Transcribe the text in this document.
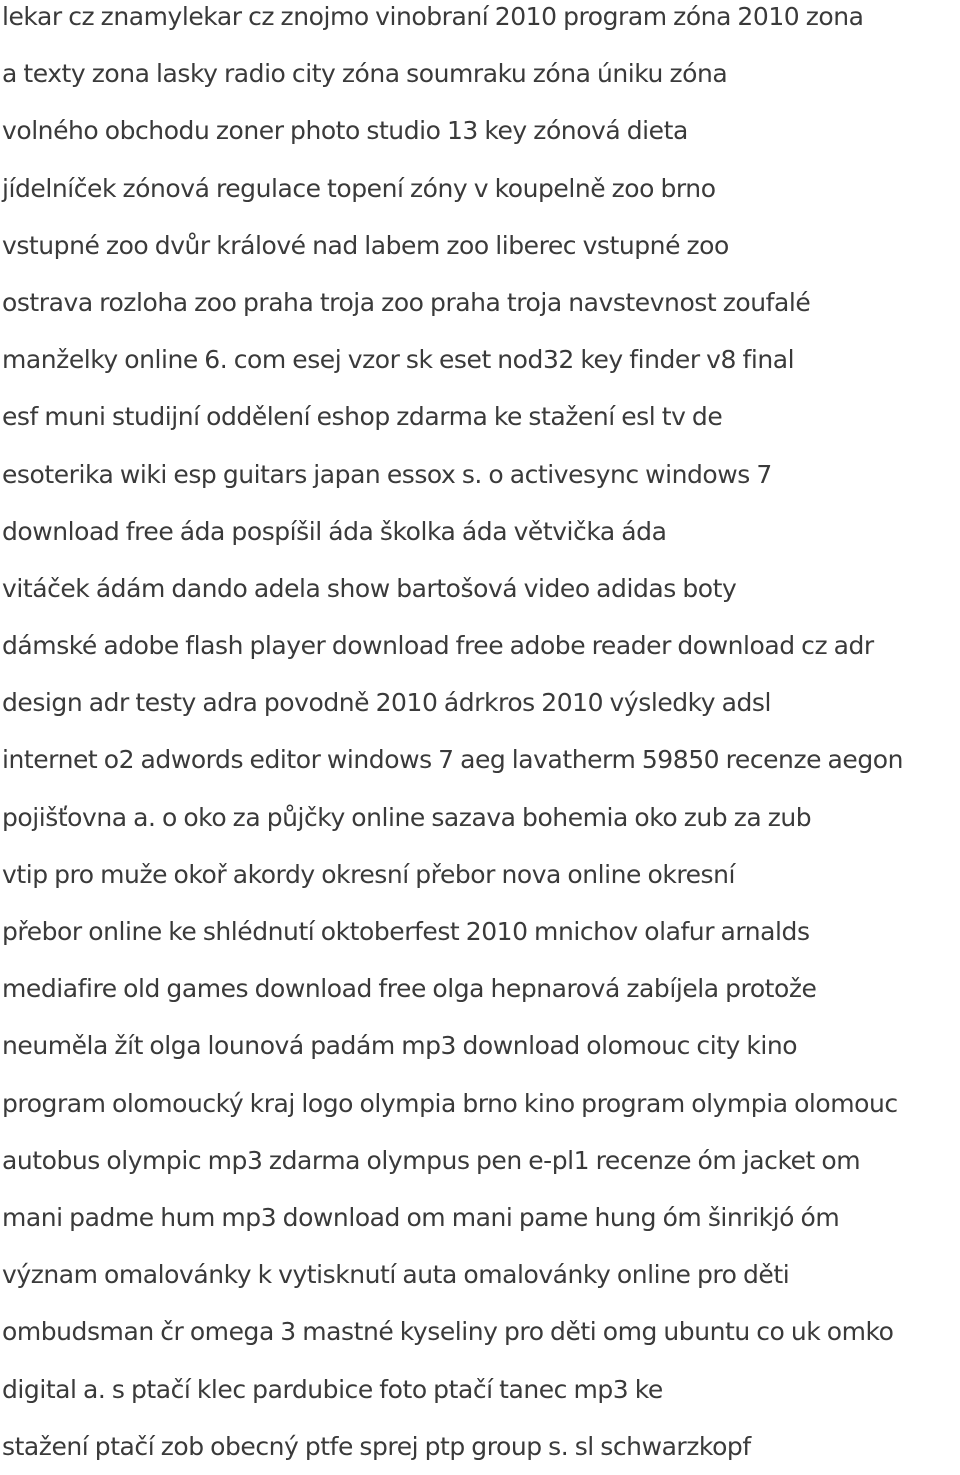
lekar cz znamylekar cz znojmo vinobraní 2010 program zóna 2010 zona
a texty zona lasky radio city zóna soumraku zóna úniku zóna
volného obchodu zoner photo studio 13 key zónová dieta
jídelníček zónová regulace topení zóny v koupelně zoo brno
vstupné zoo dvůr králové nad labem zoo liberec vstupné zoo
ostrava rozloha zoo praha troja zoo praha troja navstevnost zoufalé
manželky online 6. com esej vzor sk eset nod32 key finder v8 final
esf muni studijní oddělení eshop zdarma ke stažení esl tv de
esoterika wiki esp guitars japan essox s. o activesync windows 7
download free áda pospíšil áda školka áda větvička áda
vitáček ádám dando adela show bartošová video adidas boty
dámské adobe flash player download free adobe reader download cz adr
design adr testy adra povodně 2010 ádrkros 2010 výsledky adsl
internet o2 adwords editor windows 7 aeg lavatherm 59850 recenze aegon
pojišťovna a. o oko za půjčky online sazava bohemia oko zub za zub
vtip pro muže okoř akordy okresní přebor nova online okresní
přebor online ke shlédnutí oktoberfest 2010 mnichov olafur arnalds
mediafire old games download free olga hepnarová zabíjela protože
neuměla žít olga lounová padám mp3 download olomouc city kino
program olomoucký kraj logo olympia brno kino program olympia olomouc
autobus olympic mp3 zdarma olympus pen e-pl1 recenze óm jacket om
mani padme hum mp3 download om mani pame hung óm šinrikjó óm
význam omalovánky k vytisknutí auta omalovánky online pro děti
ombudsman čr omega 3 mastné kyseliny pro děti omg ubuntu co uk omko
digital a. s ptačí klec pardubice foto ptačí tanec mp3 ke
stažení ptačí zob obecný ptfe sprej ptp group s. sl schwarzkopf
